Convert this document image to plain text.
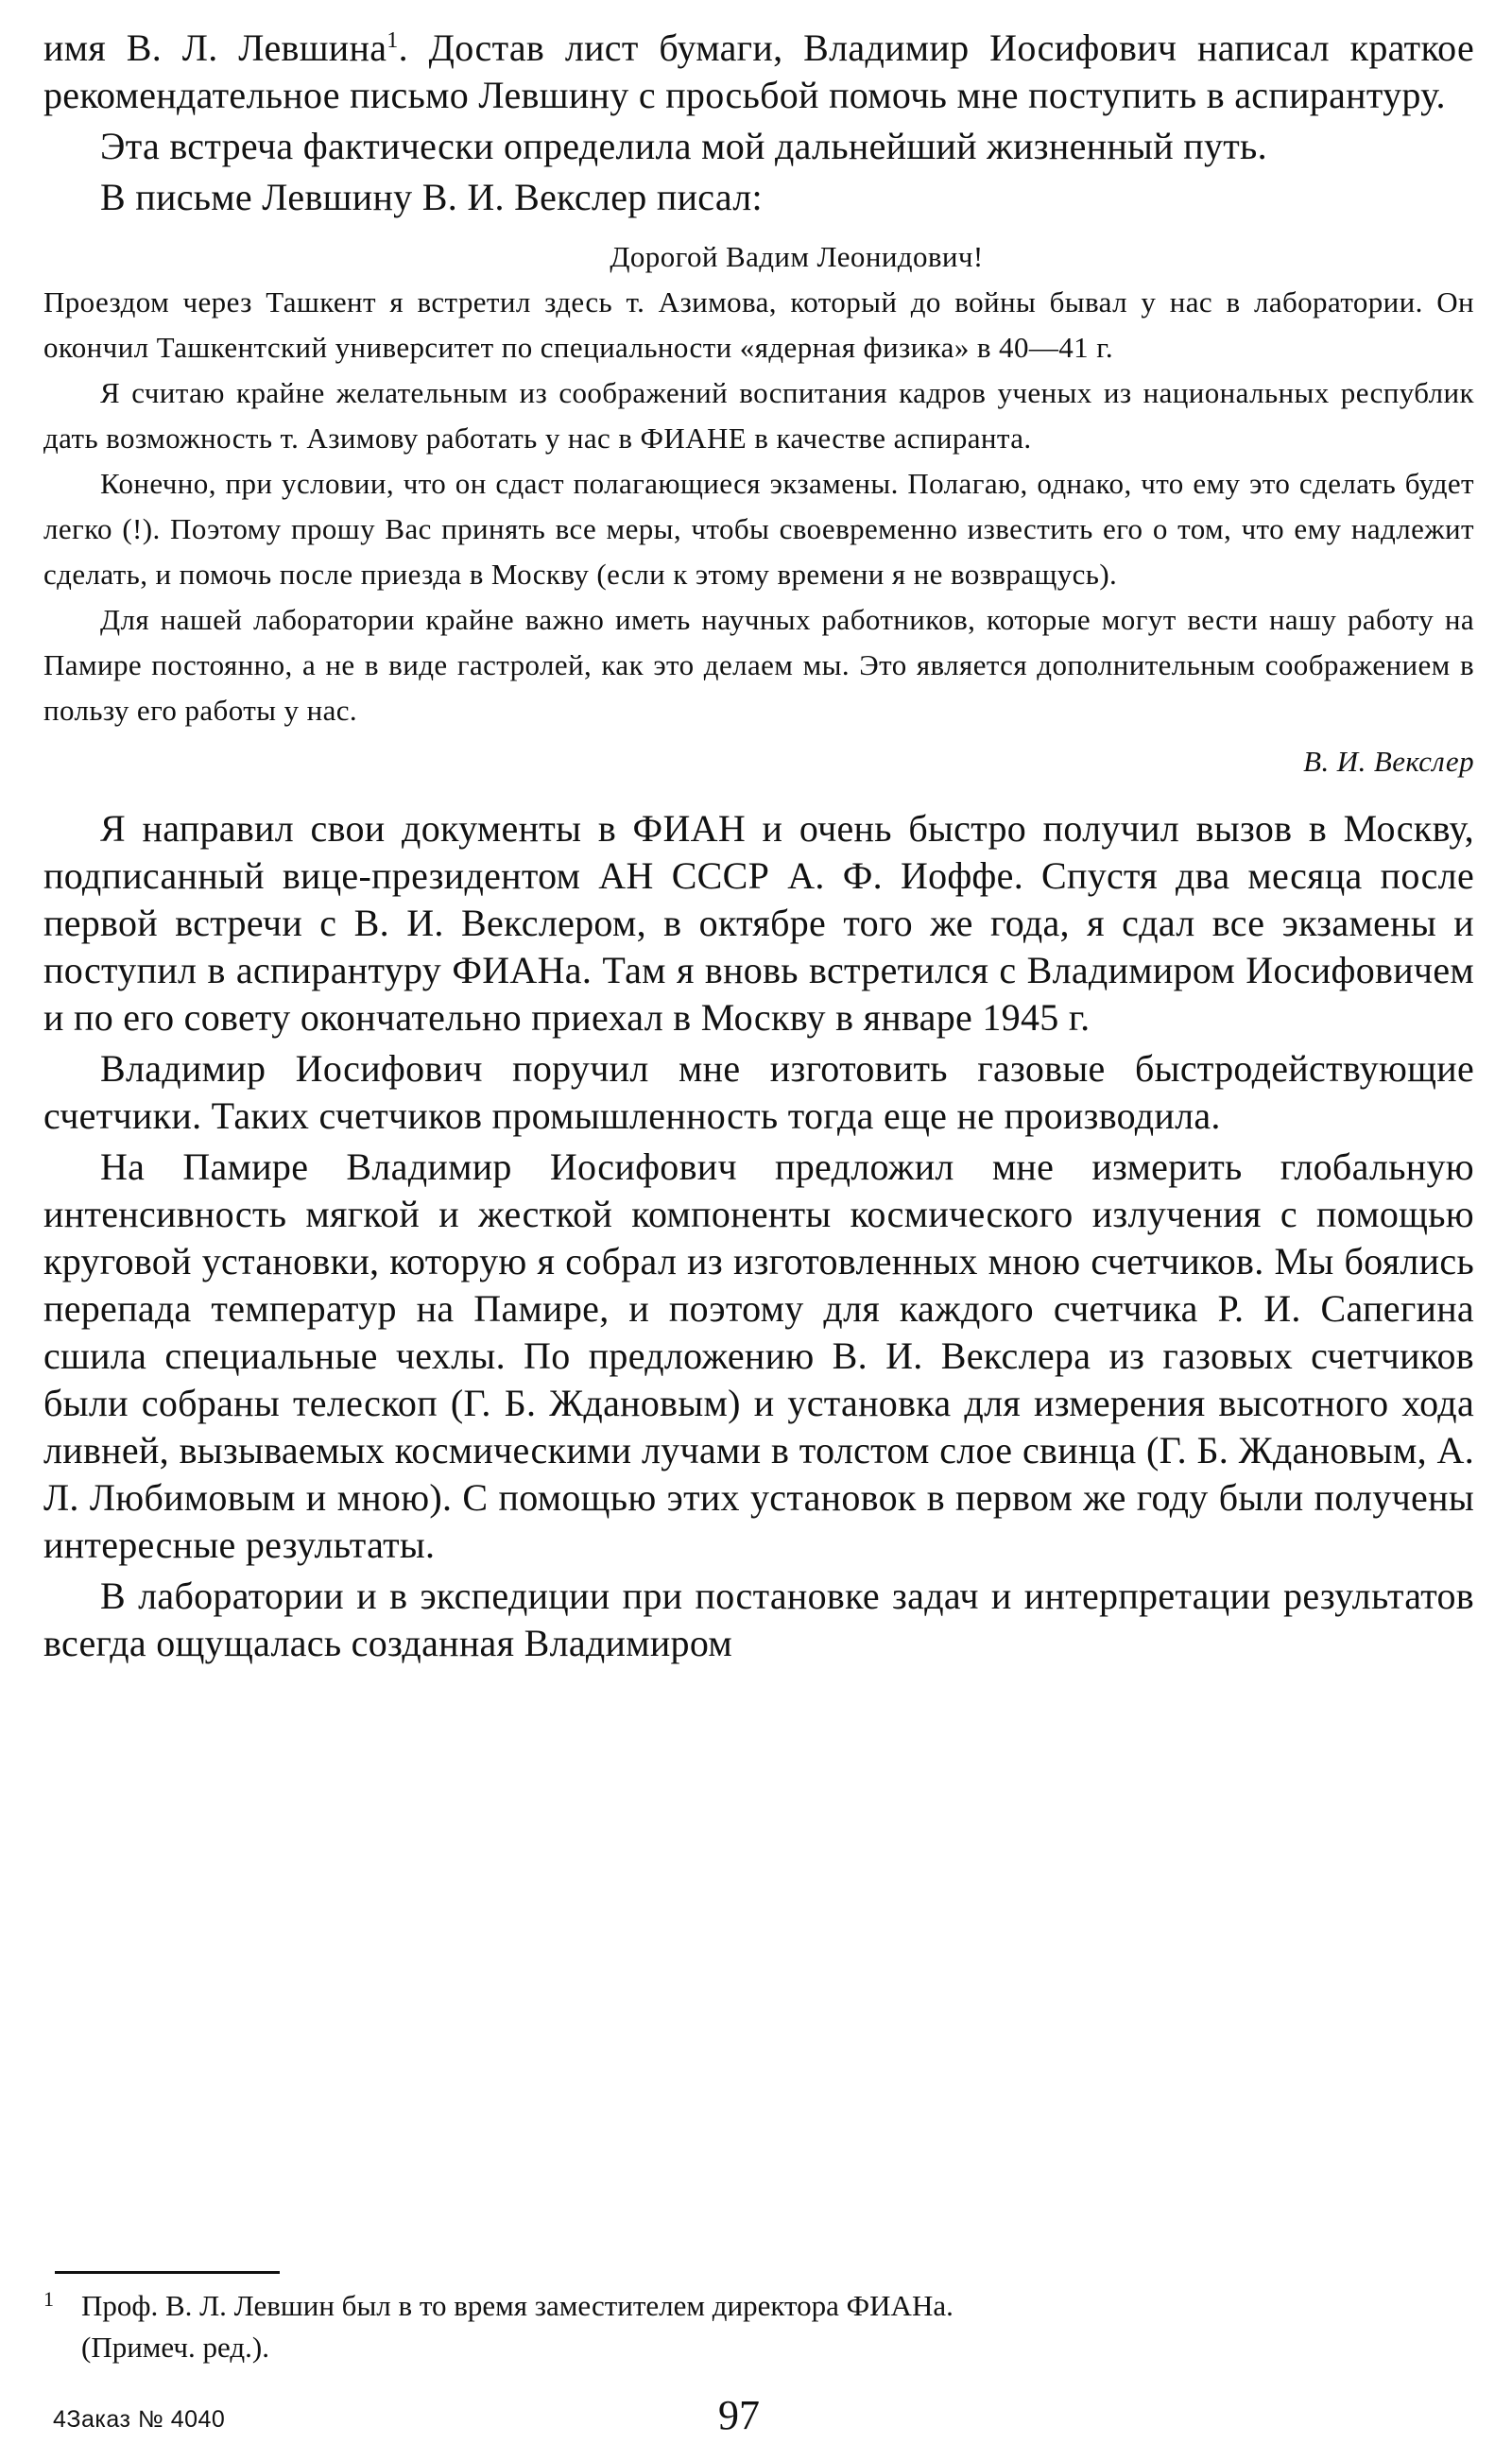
имя В. Л. Левшина$^1$. Достав лист бумаги, Владимир Иосифович написал краткое рекомендательное письмо Левшину с просьбой помочь мне поступить в аспирантуру.

Эта встреча фактически определила мой дальнейший жизненный путь.

В письме Левшину В. И. Векслер писал:

Дорогой Вадим Леонидович!

Проездом через Ташкент я встретил здесь т. Азимова, который до войны бывал у нас в лаборатории. Он окончил Ташкентский университет по специальности «ядерная физика» в 40—41 г.

Я считаю крайне желательным из соображений воспитания кадров ученых из национальных республик дать возможность т. Азимову работать у нас в ФИАНЕ в качестве аспиранта.

Конечно, при условии, что он сдаст полагающиеся экзамены. Полагаю, однако, что ему это сделать будет легко (!). Поэтому прошу Вас принять все меры, чтобы своевременно известить его о том, что ему надлежит сделать, и помочь после приезда в Москву (если к этому времени я не возвращусь).

Для нашей лаборатории крайне важно иметь научных работников, которые могут вести нашу работу на Памире постоянно, а не в виде гастролей, как это делаем мы. Это является дополнительным соображением в пользу его работы у нас.

В. И. Векслер

Я направил свои документы в ФИАН и очень быстро получил вызов в Москву, подписанный вице-президентом АН СССР А. Ф. Иоффе. Спустя два месяца после первой встречи с В. И. Векслером, в октябре того же года, я сдал все экзамены и поступил в аспирантуру ФИАНа. Там я вновь встретился с Владимиром Иосифовичем и по его совету окончательно приехал в Москву в январе 1945 г.

Владимир Иосифович поручил мне изготовить газовые быстродействующие счетчики. Таких счетчиков промышленность тогда еще не производила.

На Памире Владимир Иосифович предложил мне измерить глобальную интенсивность мягкой и жесткой компоненты космического излучения с помощью круговой установки, которую я собрал из изготовленных мною счетчиков. Мы боялись перепада температур на Памире, и поэтому для каждого счетчика Р. И. Сапегина сшила специальные чехлы. По предложению В. И. Векслера из газовых счетчиков были собраны телескоп (Г. Б. Ждановым) и установка для измерения высотного хода ливней, вызываемых космическими лучами в толстом слое свинца (Г. Б. Ждановым, А. Л. Любимовым и мною). С помощью этих установок в первом же году были получены интересные результаты.

В лаборатории и в экспедиции при постановке задач и интерпретации результатов всегда ощущалась созданная Владимиром

1 Проф. В. Л. Левшин был в то время заместителем директора ФИАНа.
(Примеч. ред.).
4Заказ № 4040	97
